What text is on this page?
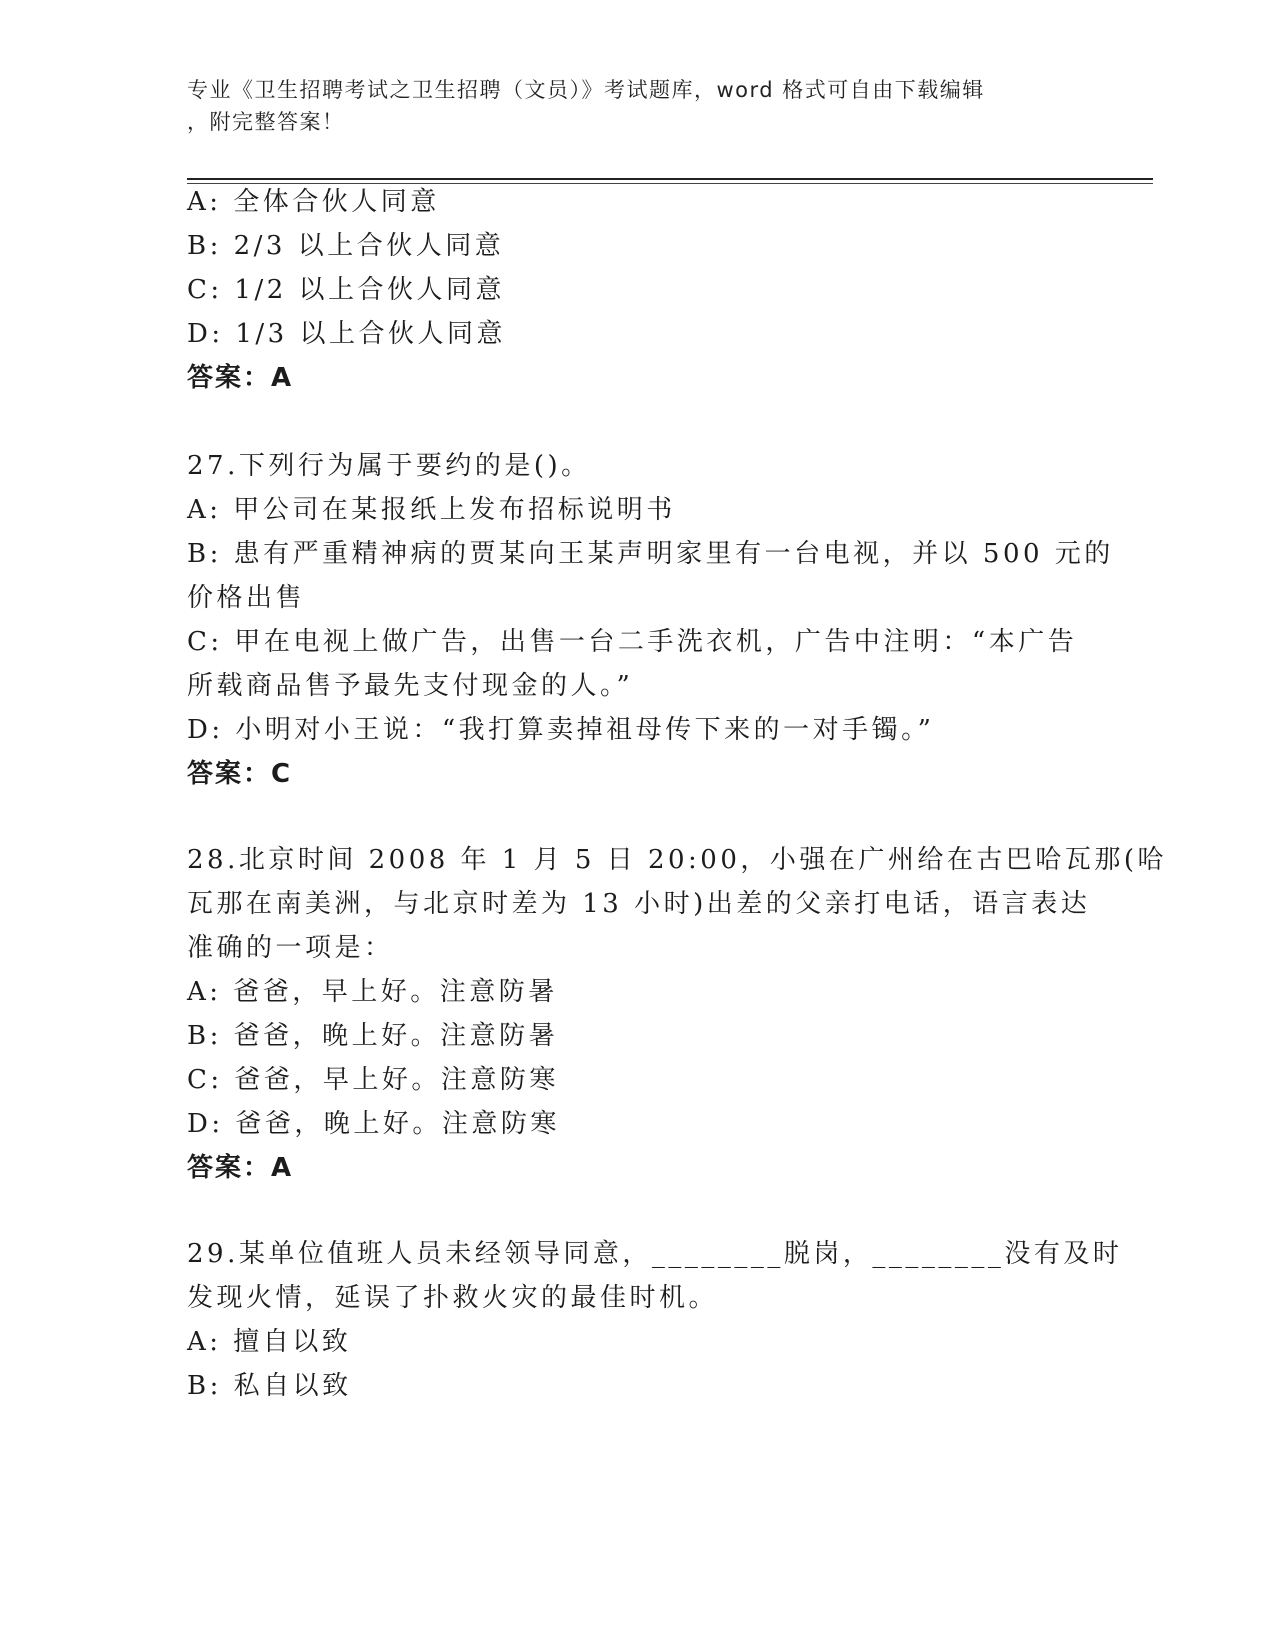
专业《卫生招聘考试之卫生招聘（文员）》考试题库，word 格式可自由下载编辑
，附完整答案！
A: 全体合伙人同意
B: 2/3 以上合伙人同意
C: 1/2 以上合伙人同意
D: 1/3 以上合伙人同意
答案：A
27.下列行为属于要约的是()。
A: 甲公司在某报纸上发布招标说明书
B: 患有严重精神病的贾某向王某声明家里有一台电视，并以 500 元的
价格出售
C: 甲在电视上做广告，出售一台二手洗衣机，广告中注明：“本广告
所载商品售予最先支付现金的人。”
D: 小明对小王说：“我打算卖掉祖母传下来的一对手镯。”
答案：C
28.北京时间 2008 年 1 月 5 日 20:00，小强在广州给在古巴哈瓦那(哈
瓦那在南美洲，与北京时差为 13 小时)出差的父亲打电话，语言表达
准确的一项是：
A: 爸爸，早上好。注意防暑
B: 爸爸，晚上好。注意防暑
C: 爸爸，早上好。注意防寒
D: 爸爸，晚上好。注意防寒
答案：A
29.某单位值班人员未经领导同意，________脱岗，________没有及时
发现火情，延误了扑救火灾的最佳时机。
A: 擅自以致
B: 私自以致
